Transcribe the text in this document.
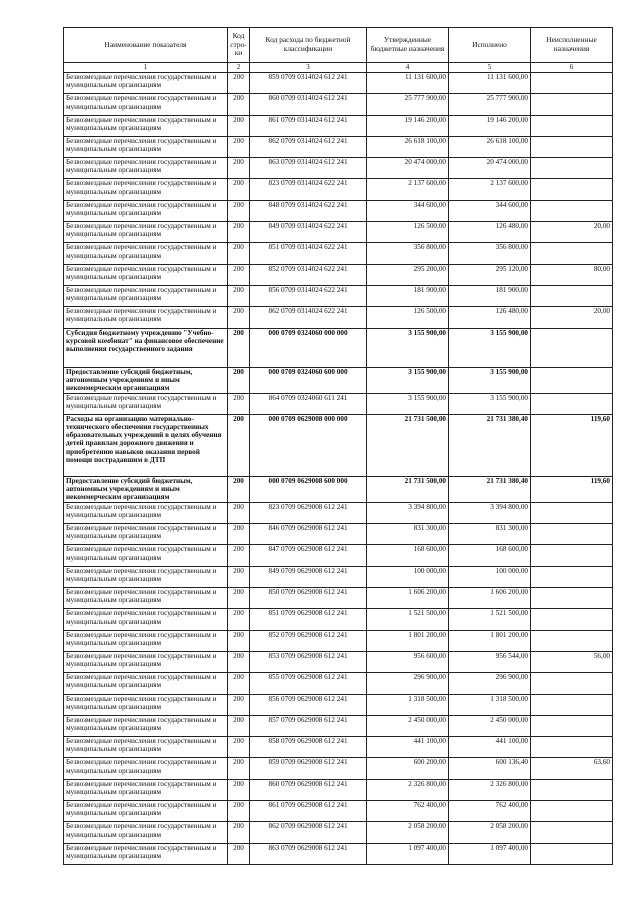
Наименование показателя	Код стро-ки	Код расхода по бюджетной классификации	Утвержденные бюджетные назначения	Исполнено	Неисполненные назначения
1	2	3	4	5	6
Безвозмездные перечисления государственным и муниципальным организациям	200	859 0709 0314024 612 241	11 131 600,00	11 131 600,00	
Безвозмездные перечисления государственным и муниципальным организациям	200	860 0709 0314024 612 241	25 777 900,00	25 777 900,00	
Безвозмездные перечисления государственным и муниципальным организациям	200	861 0709 0314024 612 241	19 146 200,00	19 146 200,00	
Безвозмездные перечисления государственным и муниципальным организациям	200	862 0709 0314024 612 241	26 618 100,00	26 618 100,00	
Безвозмездные перечисления государственным и муниципальным организациям	200	863 0709 0314024 612 241	20 474 000,00	20 474 000,00	
Безвозмездные перечисления государственным и муниципальным организациям	200	823 0709 0314024 622 241	2 137 600,00	2 137 600,00	
Безвозмездные перечисления государственным и муниципальным организациям	200	848 0709 0314024 622 241	344 600,00	344 600,00	
Безвозмездные перечисления государственным и муниципальным организациям	200	849 0709 0314024 622 241	126 500,00	126 480,00	20,00
Безвозмездные перечисления государственным и муниципальным организациям	200	851 0709 0314024 622 241	356 800,00	356 800,00	
Безвозмездные перечисления государственным и муниципальным организациям	200	852 0709 0314024 622 241	295 200,00	295 120,00	80,00
Безвозмездные перечисления государственным и муниципальным организациям	200	856 0709 0314024 622 241	181 900,00	181 900,00	
Безвозмездные перечисления государственным и муниципальным организациям	200	862 0709 0314024 622 241	126 500,00	126 480,00	20,00
Субсидия бюджетному учреждению "Учебно-курсовой комбинат" на финансовое обеспечение выполнения государственного задания	200	000 0709 0324060 000 000	3 155 900,00	3 155 900,00	
Предоставление субсидий бюджетным, автономным учреждениям и иным некоммерческим организациям	200	000 0709 0324060 600 000	3 155 900,00	3 155 900,00	
Безвозмездные перечисления государственным и муниципальным организациям	200	864 0709 0324060 611 241	3 155 900,00	3 155 900,00	
Расходы на организацию материально-технического обеспечения государственных образовательных учреждений в целях обучения детей правилам дорожного движения и приобретению навыков оказания первой помощи пострадавшим в ДТП	200	000 0709 0629008 000 000	21 731 500,00	21 731 380,40	119,60
Предоставление субсидий бюджетным, автономным учреждениям и иным некоммерческим организациям	200	000 0709 0629008 600 000	21 731 500,00	21 731 380,40	119,60
Безвозмездные перечисления государственным и муниципальным организациям	200	823 0709 0629008 612 241	3 394 800,00	3 394 800,00	
Безвозмездные перечисления государственным и муниципальным организациям	200	846 0709 0629008 612 241	831 300,00	831 300,00	
Безвозмездные перечисления государственным и муниципальным организациям	200	847 0709 0629008 612 241	168 600,00	168 600,00	
Безвозмездные перечисления государственным и муниципальным организациям	200	849 0709 0629008 612 241	100 000,00	100 000,00	
Безвозмездные перечисления государственным и муниципальным организациям	200	850 0709 0629008 612 241	1 606 200,00	1 606 200,00	
Безвозмездные перечисления государственным и муниципальным организациям	200	851 0709 0629008 612 241	1 521 500,00	1 521 500,00	
Безвозмездные перечисления государственным и муниципальным организациям	200	852 0709 0629008 612 241	1 801 200,00	1 801 200,00	
Безвозмездные перечисления государственным и муниципальным организациям	200	853 0709 0629008 612 241	956 600,00	956 544,00	56,00
Безвозмездные перечисления государственным и муниципальным организациям	200	855 0709 0629008 612 241	296 900,00	296 900,00	
Безвозмездные перечисления государственным и муниципальным организациям	200	856 0709 0629008 612 241	1 318 500,00	1 318 500,00	
Безвозмездные перечисления государственным и муниципальным организациям	200	857 0709 0629008 612 241	2 450 000,00	2 450 000,00	
Безвозмездные перечисления государственным и муниципальным организациям	200	858 0709 0629008 612 241	441 100,00	441 100,00	
Безвозмездные перечисления государственным и муниципальным организациям	200	859 0709 0629008 612 241	600 200,00	600 136,40	63,60
Безвозмездные перечисления государственным и муниципальным организациям	200	860 0709 0629008 612 241	2 326 800,00	2 326 800,00	
Безвозмездные перечисления государственным и муниципальным организациям	200	861 0709 0629008 612 241	762 400,00	762 400,00	
Безвозмездные перечисления государственным и муниципальным организациям	200	862 0709 0629008 612 241	2 058 200,00	2 058 200,00	
Безвозмездные перечисления государственным и муниципальным организациям	200	863 0709 0629008 612 241	1 097 400,00	1 097 400,00	
